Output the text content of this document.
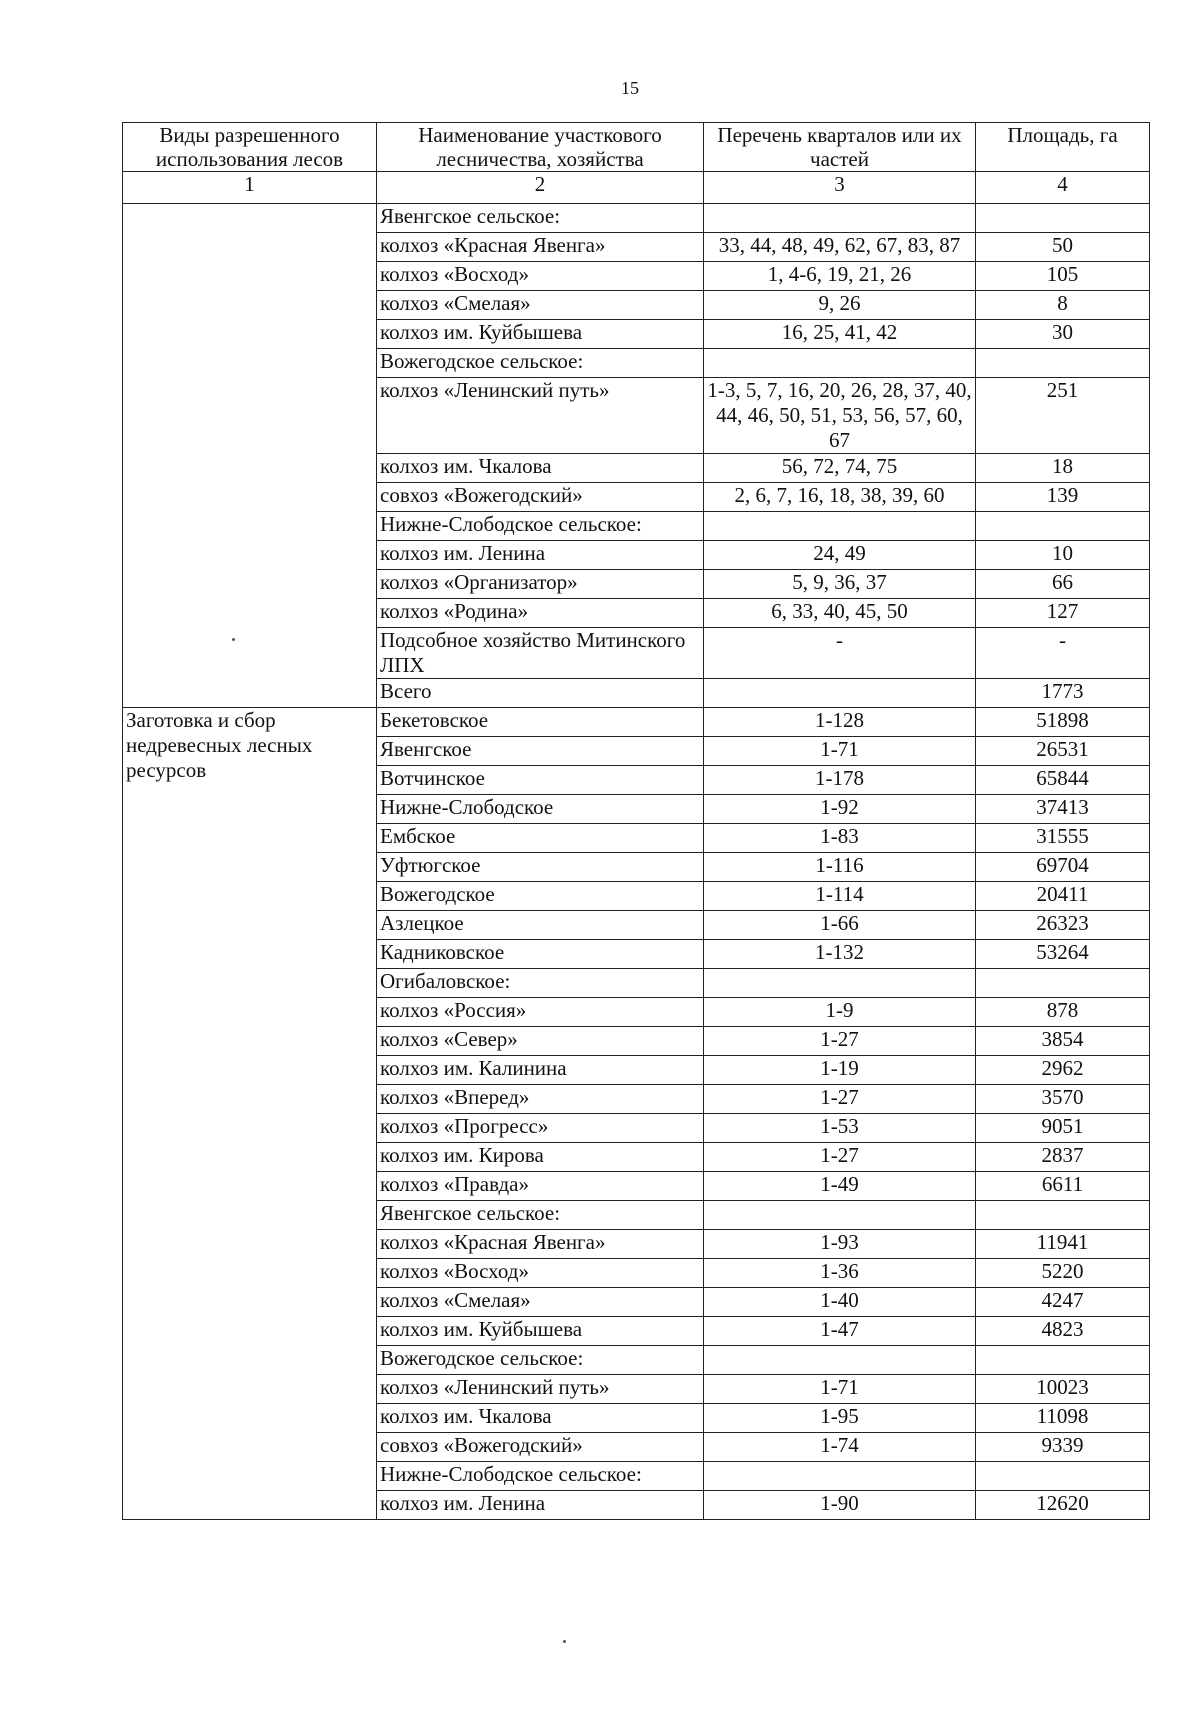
15
Виды разрешенного использования лесов	Наименование участкового лесничества, хозяйства	Перечень кварталов или их частей	Площадь, га
1	2	3	4
	Явенгское сельское:		
	колхоз «Красная Явенга»	33, 44, 48, 49, 62, 67, 83, 87	50
	колхоз «Восход»	1, 4-6, 19, 21, 26	105
	колхоз «Смелая»	9, 26	8
	колхоз им. Куйбышева	16, 25, 41, 42	30
	Вожегодское сельское:		
	колхоз «Ленинский путь»	1-3, 5, 7, 16, 20, 26, 28, 37, 40, 44, 46, 50, 51, 53, 56, 57, 60, 67	251
	колхоз им. Чкалова	56, 72, 74, 75	18
	совхоз «Вожегодский»	2, 6, 7, 16, 18, 38, 39, 60	139
	Нижне-Слободское сельское:		
	колхоз им. Ленина	24, 49	10
	колхоз «Организатор»	5, 9, 36, 37	66
	колхоз «Родина»	6, 33, 40, 45, 50	127
	Подсобное хозяйство Митинского ЛПХ	-	-
	Всего		1773
Заготовка и сбор недревесных лесных ресурсов	Бекетовское	1-128	51898
	Явенгское	1-71	26531
	Вотчинское	1-178	65844
	Нижне-Слободское	1-92	37413
	Ембское	1-83	31555
	Уфтюгское	1-116	69704
	Вожегодское	1-114	20411
	Азлецкое	1-66	26323
	Кадниковское	1-132	53264
	Огибаловское:		
	колхоз «Россия»	1-9	878
	колхоз «Север»	1-27	3854
	колхоз им. Калинина	1-19	2962
	колхоз «Вперед»	1-27	3570
	колхоз «Прогресс»	1-53	9051
	колхоз им. Кирова	1-27	2837
	колхоз «Правда»	1-49	6611
	Явенгское сельское:		
	колхоз «Красная Явенга»	1-93	11941
	колхоз «Восход»	1-36	5220
	колхоз «Смелая»	1-40	4247
	колхоз им. Куйбышева	1-47	4823
	Вожегодское сельское:		
	колхоз «Ленинский путь»	1-71	10023
	колхоз им. Чкалова	1-95	11098
	совхоз «Вожегодский»	1-74	9339
	Нижне-Слободское сельское:		
	колхоз им. Ленина	1-90	12620
